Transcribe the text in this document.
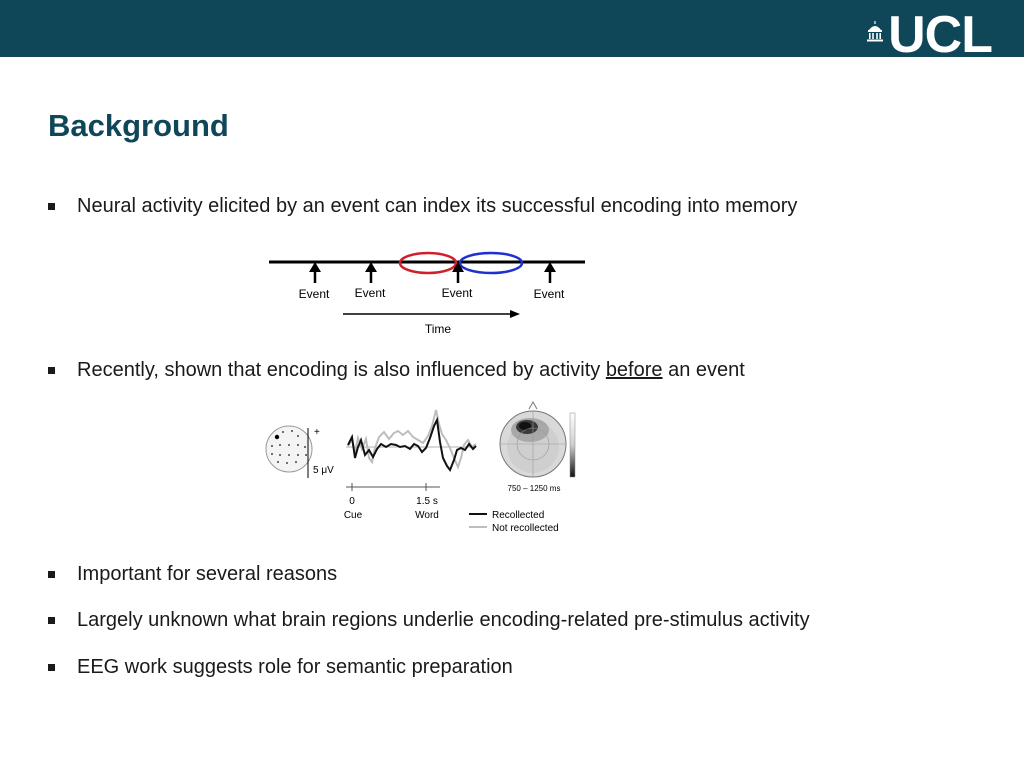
UCL
Background
Neural activity elicited by an event can index its successful encoding into memory
Event Event	Event	Event
Time
Recently, shown that encoding is also influenced by activity before an event
+
5 μV
0	1.5 s
Cue	Word
750 – 1250 ms
Recollected
Not recollected
Important for several reasons
Largely unknown what brain regions underlie encoding-related pre-stimulus activity
EEG work suggests role for semantic preparation
